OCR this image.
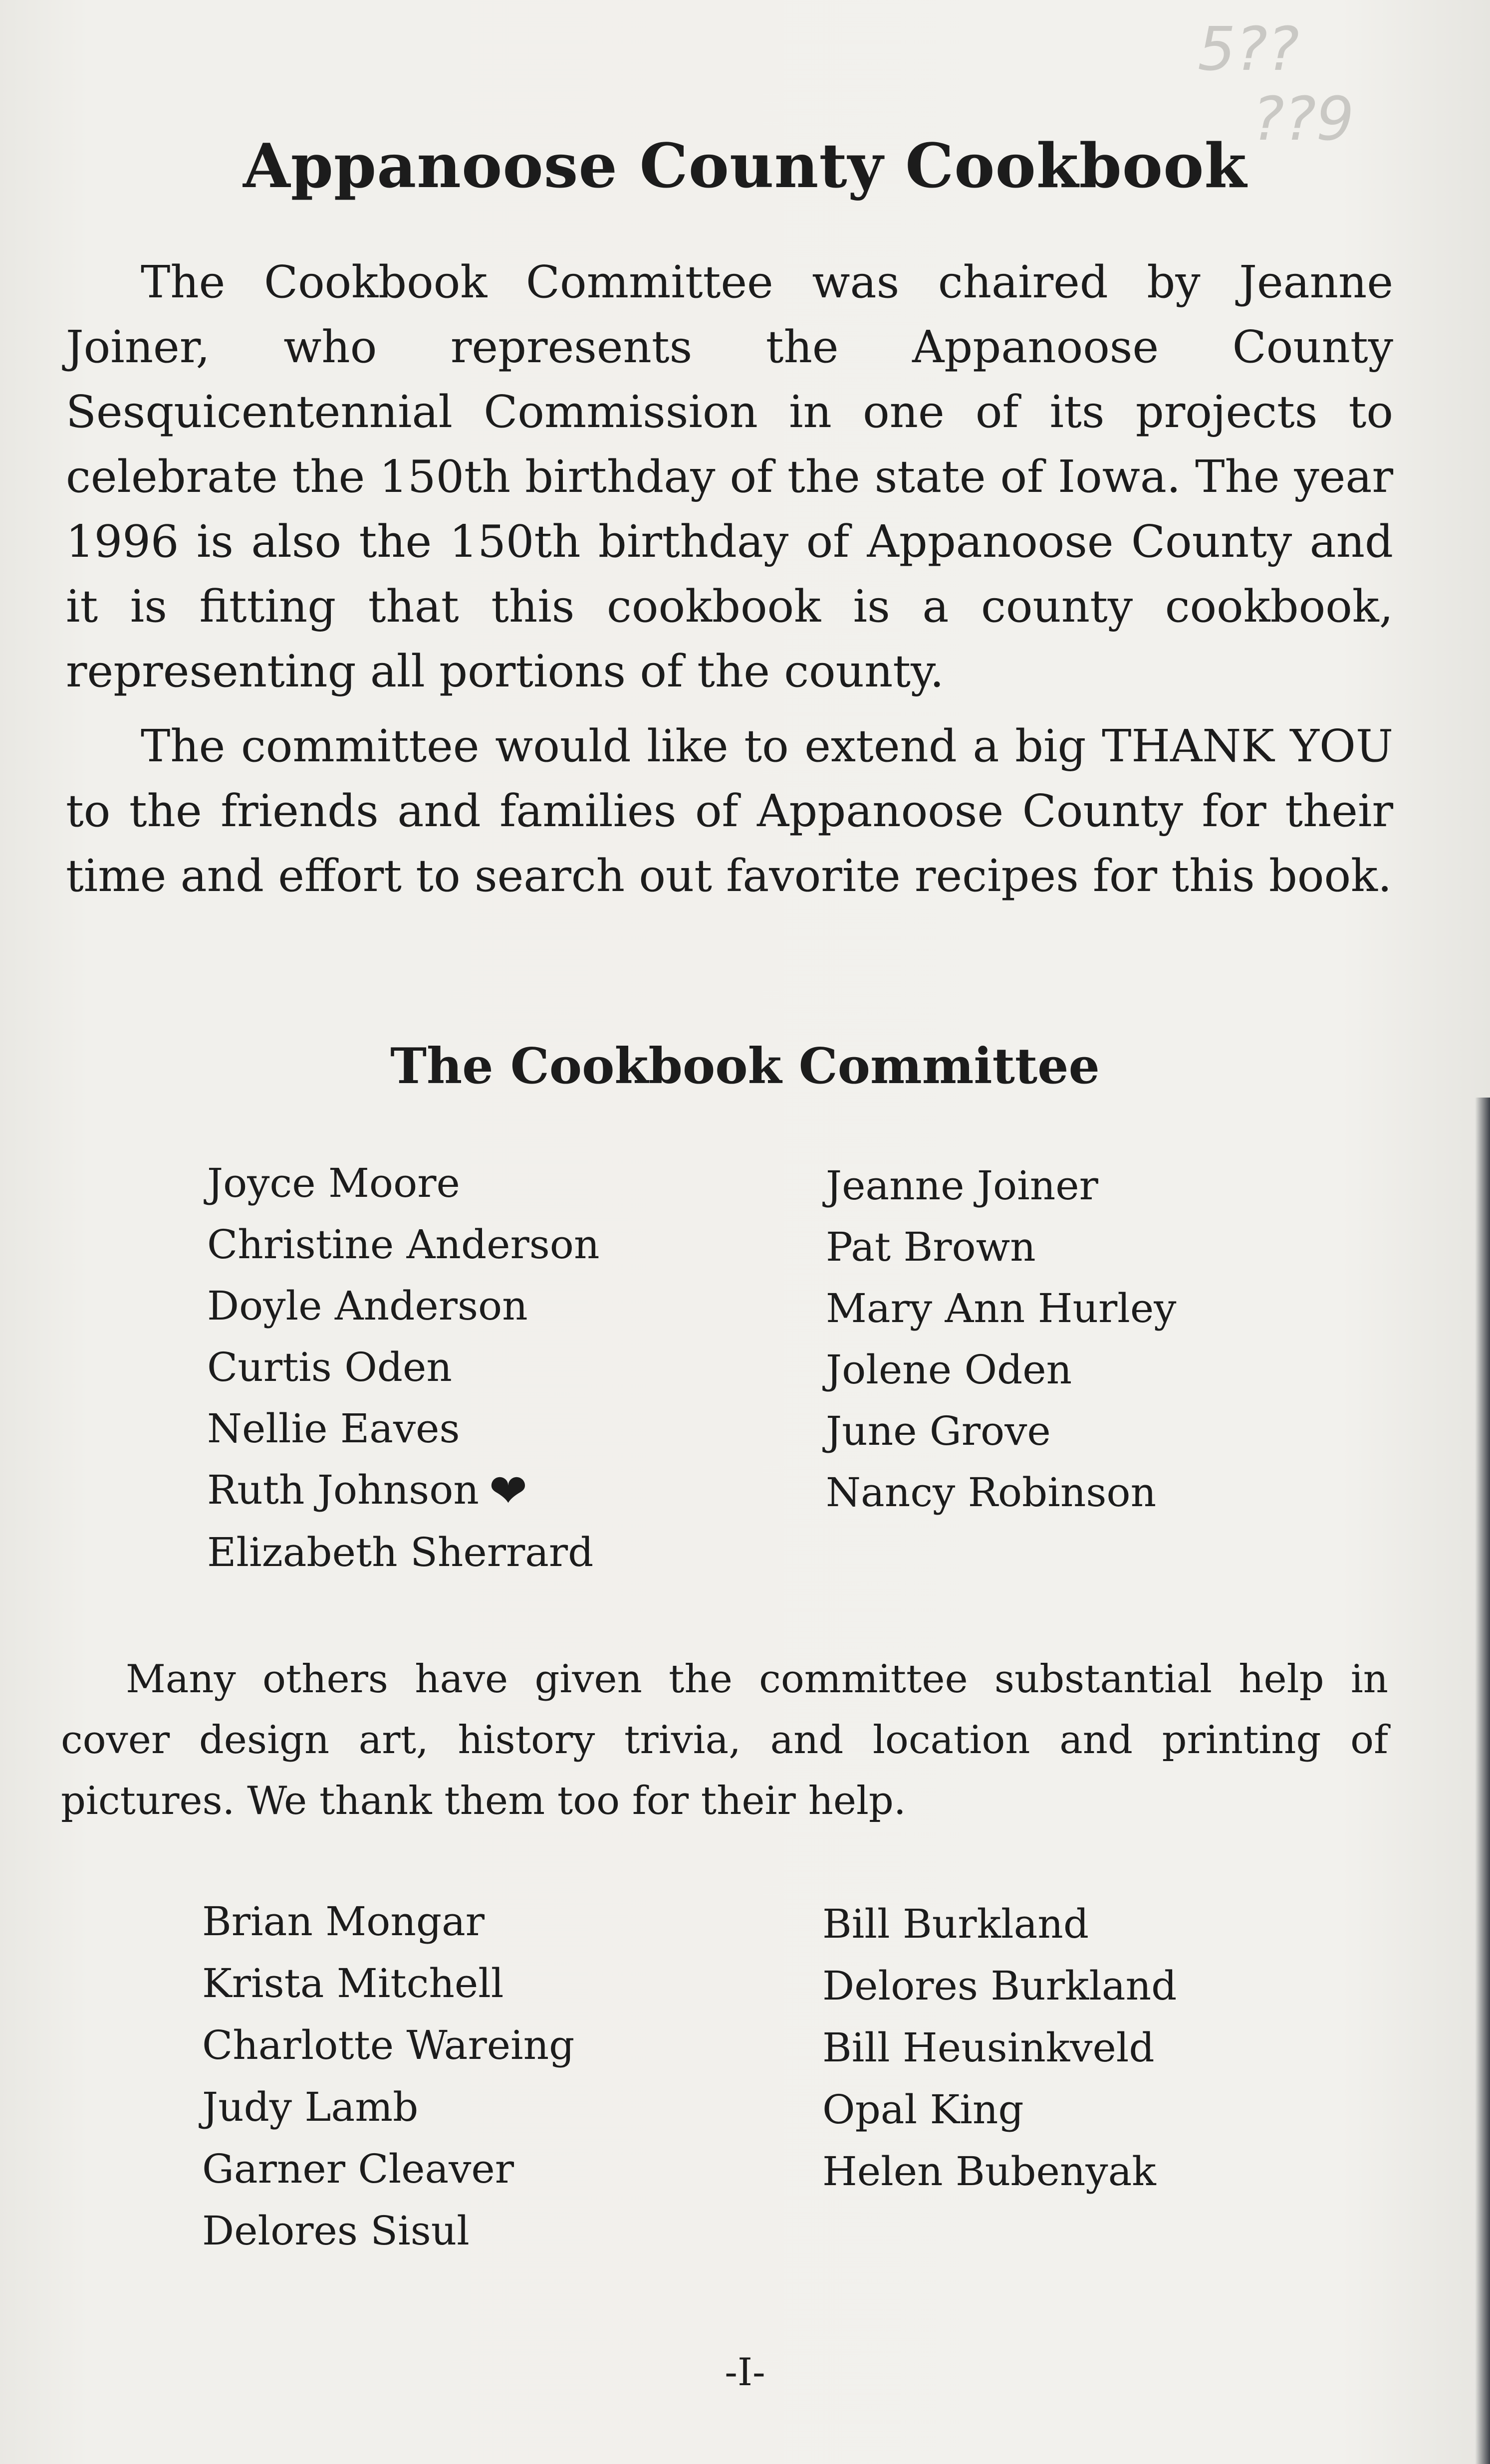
5??
??9
Appanoose County Cookbook

The Cookbook Committee was chaired by Jeanne Joiner, who represents the Appanoose County Sesquicentennial Commission in one of its projects to celebrate the 150th birthday of the state of Iowa. The year 1996 is also the 150th birthday of Appanoose County and it is fitting that this cookbook is a county cookbook, representing all portions of the county.

The committee would like to extend a big THANK YOU to the friends and families of Appanoose County for their time and effort to search out favorite recipes for this book.

The Cookbook Committee
Joyce Moore
Christine Anderson
Doyle Anderson
Curtis Oden
Nellie Eaves
Ruth Johnson ❤
Elizabeth Sherrard
Jeanne Joiner
Pat Brown
Mary Ann Hurley
Jolene Oden
June Grove
Nancy Robinson

Many others have given the committee substantial help in cover design art, history trivia, and location and printing of pictures. We thank them too for their help.

Brian Mongar
Krista Mitchell
Charlotte Wareing
Judy Lamb
Garner Cleaver
Delores Sisul
Bill Burkland
Delores Burkland
Bill Heusinkveld
Opal King
Helen Bubenyak
-I-
